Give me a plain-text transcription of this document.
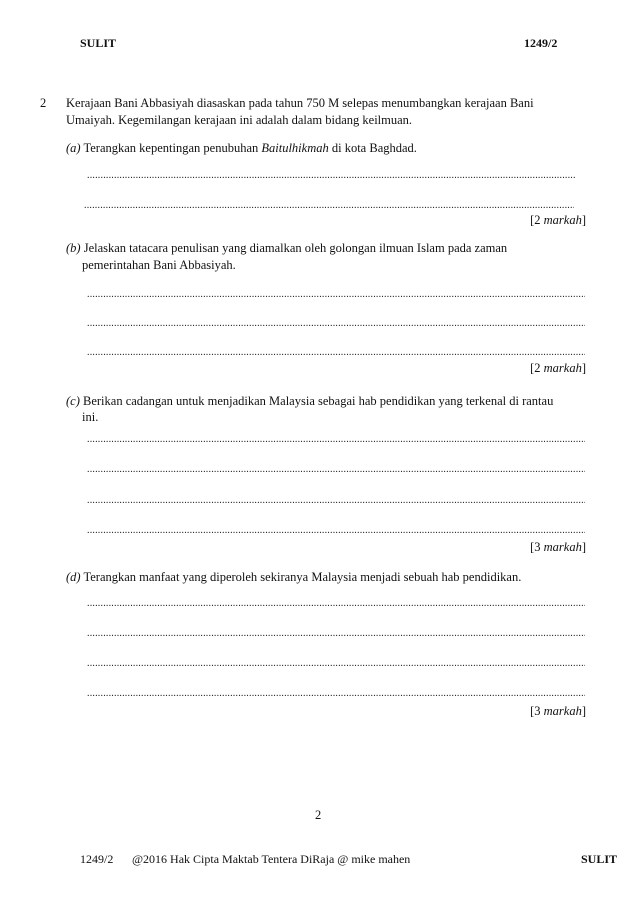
SULIT	1249/2
2 Kerajaan Bani Abbasiyah diasaskan pada tahun 750 M selepas menumbangkan kerajaan Bani
Umaiyah. Kegemilangan kerajaan ini adalah dalam bidang keilmuan.
(a) Terangkan kepentingan penubuhan Baitulhikmah di kota Baghdad.
.....
.....
[2 markah]
(b) Jelaskan tatacara penulisan yang diamalkan oleh golongan ilmuan Islam pada zaman
pemerintahan Bani Abbasiyah.
.....
.....
.....
[2 markah]
(c) Berikan cadangan untuk menjadikan Malaysia sebagai hab pendidikan yang terkenal di rantau
ini.
.....
.....
.....
.....
[3 markah]
(d) Terangkan manfaat yang diperoleh sekiranya Malaysia menjadi sebuah hab pendidikan.
.....
.....
.....
.....
[3 markah]
2
1249/2 @2016 Hak Cipta Maktab Tentera DiRaja @ mike mahen	SULIT
